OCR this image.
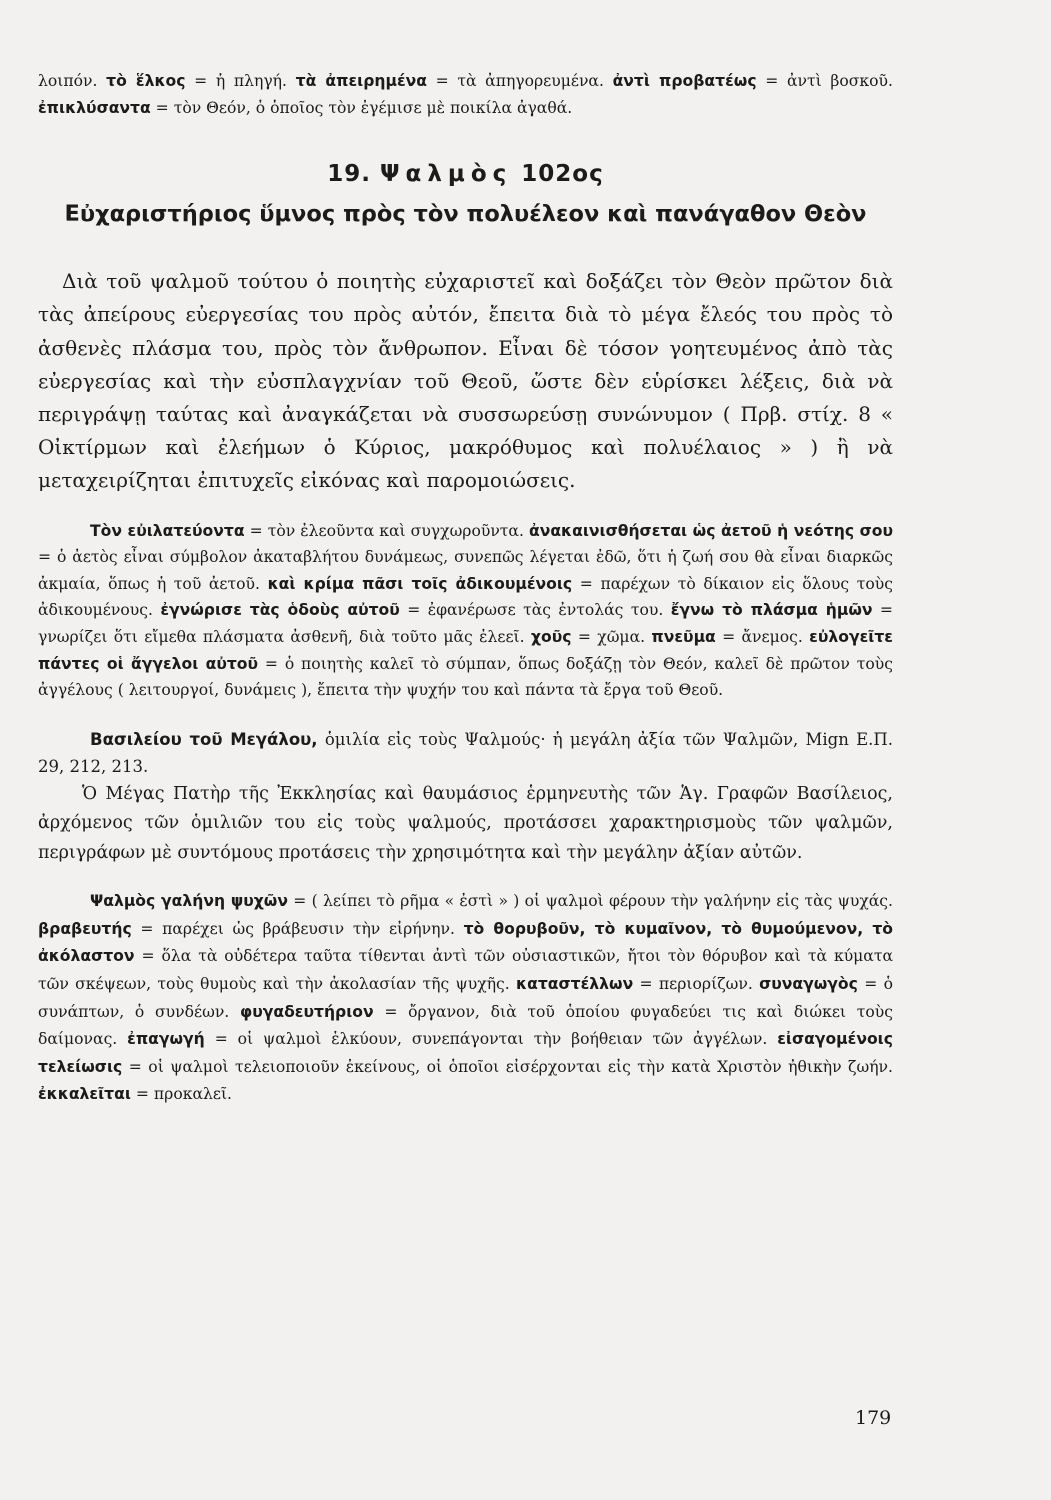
λοιπόν. τὸ ἕλκος = ἡ πληγή. τὰ ἀπειρημένα = τὰ ἀπηγορευμένα. ἀντὶ προβατέως = ἀντὶ βοσκοῦ. ἐπικλύσαντα = τὸν Θεόν, ὁ ὁποῖος τὸν ἐγέμισε μὲ ποικίλα ἀγαθά.

19. Ψαλμὸς 102ος

Εὐχαριστήριος ὕμνος πρὸς τὸν πολυέλεον καὶ πανάγαθον Θεὸν

Διὰ τοῦ ψαλμοῦ τούτου ὁ ποιητὴς εὐχαριστεῖ καὶ δοξάζει τὸν Θεὸν πρῶτον διὰ τὰς ἀπείρους εὐεργεσίας του πρὸς αὐτόν, ἔπειτα διὰ τὸ μέγα ἔλεός του πρὸς τὸ ἀσθενὲς πλάσμα του, πρὸς τὸν ἄνθρωπον. Εἶναι δὲ τόσον γοητευμένος ἀπὸ τὰς εὐεργεσίας καὶ τὴν εὐσπλαγχνίαν τοῦ Θεοῦ, ὥστε δὲν εὑρίσκει λέξεις, διὰ νὰ περιγράψῃ ταύτας καὶ ἀναγκάζεται νὰ συσσωρεύσῃ συνώνυμον ( Πρβ. στίχ. 8 « Οἰκτίρμων καὶ ἐλεήμων ὁ Κύριος, μακρόθυμος καὶ πολυέλαιος » ) ἢ νὰ μεταχειρίζηται ἐπιτυχεῖς εἰκόνας καὶ παρομοιώσεις.

Τὸν εὐιλατεύοντα = τὸν ἐλεοῦντα καὶ συγχωροῦντα. ἀνακαινισθήσεται ὡς ἀετοῦ ἡ νεότης σου = ὁ ἀετὸς εἶναι σύμβολον ἀκαταβλήτου δυνάμεως, συνεπῶς λέγεται ἐδῶ, ὅτι ἡ ζωή σου θὰ εἶναι διαρκῶς ἀκμαία, ὅπως ἡ τοῦ ἀετοῦ. καὶ κρίμα πᾶσι τοῖς ἀδικουμένοις = παρέχων τὸ δίκαιον εἰς ὅλους τοὺς ἀδικουμένους. ἐγνώρισε τὰς ὁδοὺς αὐτοῦ = ἐφανέρωσε τὰς ἐντολάς του. ἔγνω τὸ πλάσμα ἡμῶν = γνωρίζει ὅτι εἴμεθα πλάσματα ἀσθενῆ, διὰ τοῦτο μᾶς ἐλεεῖ. χοῦς = χῶμα. πνεῦμα = ἄνεμος. εὐλογεῖτε πάντες οἱ ἄγγελοι αὐτοῦ = ὁ ποιητὴς καλεῖ τὸ σύμπαν, ὅπως δοξάζῃ τὸν Θεόν, καλεῖ δὲ πρῶτον τοὺς ἀγγέλους ( λειτουργοί, δυνάμεις ), ἔπειτα τὴν ψυχήν του καὶ πάντα τὰ ἔργα τοῦ Θεοῦ.

Βασιλείου τοῦ Μεγάλου, ὁμιλία εἰς τοὺς Ψαλμούς· ἡ μεγάλη ἀξία τῶν Ψαλμῶν, Mign Ε.Π. 29, 212, 213.

Ὁ Μέγας Πατὴρ τῆς Ἐκκλησίας καὶ θαυμάσιος ἑρμηνευτὴς τῶν Ἁγ. Γραφῶν Βασίλειος, ἀρχόμενος τῶν ὁμιλιῶν του εἰς τοὺς ψαλμούς, προτάσσει χαρακτηρισμοὺς τῶν ψαλμῶν, περιγράφων μὲ συντόμους προτάσεις τὴν χρησιμότητα καὶ τὴν μεγάλην ἀξίαν αὐτῶν.

Ψαλμὸς γαλήνη ψυχῶν = ( λείπει τὸ ρῆμα « ἐστὶ » ) οἱ ψαλμοὶ φέρουν τὴν γαλήνην εἰς τὰς ψυχάς. βραβευτής = παρέχει ὡς βράβευσιν τὴν εἰρήνην. τὸ θορυβοῦν, τὸ κυμαῖνον, τὸ θυμούμενον, τὸ ἀκόλαστον = ὅλα τὰ οὐδέτερα ταῦτα τίθενται ἀντὶ τῶν οὐσιαστικῶν, ἤτοι τὸν θόρυβον καὶ τὰ κύματα τῶν σκέψεων, τοὺς θυμοὺς καὶ τὴν ἀκολασίαν τῆς ψυχῆς. καταστέλλων = περιορίζων. συναγωγὸς = ὁ συνάπτων, ὁ συνδέων. φυγαδευτήριον = ὄργανον, διὰ τοῦ ὁποίου φυγαδεύει τις καὶ διώκει τοὺς δαίμονας. ἐπαγωγή = οἱ ψαλμοὶ ἑλκύουν, συνεπάγονται τὴν βοήθειαν τῶν ἀγγέλων. εἰσαγομένοις τελείωσις = οἱ ψαλμοὶ τελειοποιοῦν ἐκείνους, οἱ ὁποῖοι εἰσέρχονται εἰς τὴν κατὰ Χριστὸν ἠθικὴν ζωήν. ἐκκαλεῖται = προκαλεῖ.

179
